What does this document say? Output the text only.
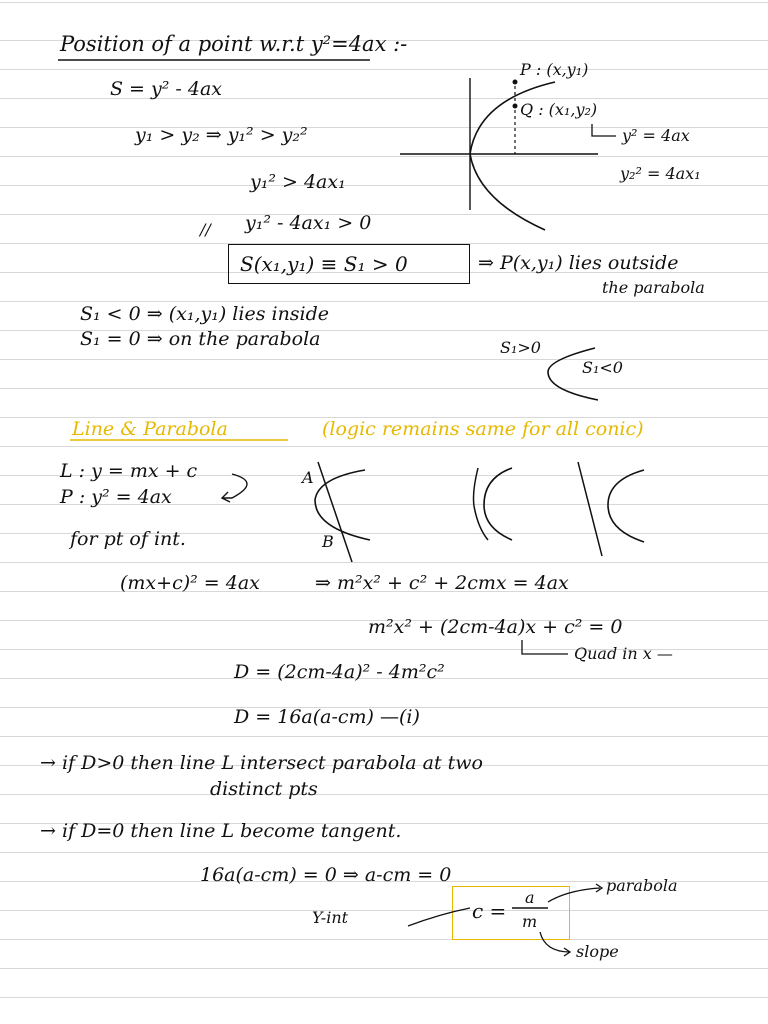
Position of a point w.r.t y²=4ax :-
S = y² - 4ax
y₁ > y₂ ⇒ y₁² > y₂²
y₁² > 4ax₁
y₁² - 4ax₁ > 0
//
S(x₁,y₁) ≡ S₁ > 0	⇒ P(x,y₁) lies outside
the parabola
S₁ < 0 ⇒ (x₁,y₁) lies inside
S₁ = 0 ⇒ on the parabola
P : (x,y₁)
Q : (x₁,y₂)
y² = 4ax
y₂² = 4ax₁
S₁>0
S₁<0
Line & Parabola	(logic remains same for all conic)
L : y = mx + c
P : y² = 4ax
for pt of int.
A
B
(mx+c)² = 4ax	⇒ m²x² + c² + 2cmx = 4ax
m²x² + (2cm-4a)x + c² = 0
Quad in x —
D = (2cm-4a)² - 4m²c²
D = 16a(a-cm) —(i)
→ if D>0 then line L intersect parabola at two
distinct pts
→ if D=0 then line L become tangent.
16a(a-cm) = 0 ⇒ a-cm = 0
c =
a
m
Y-int
parabola
slope
